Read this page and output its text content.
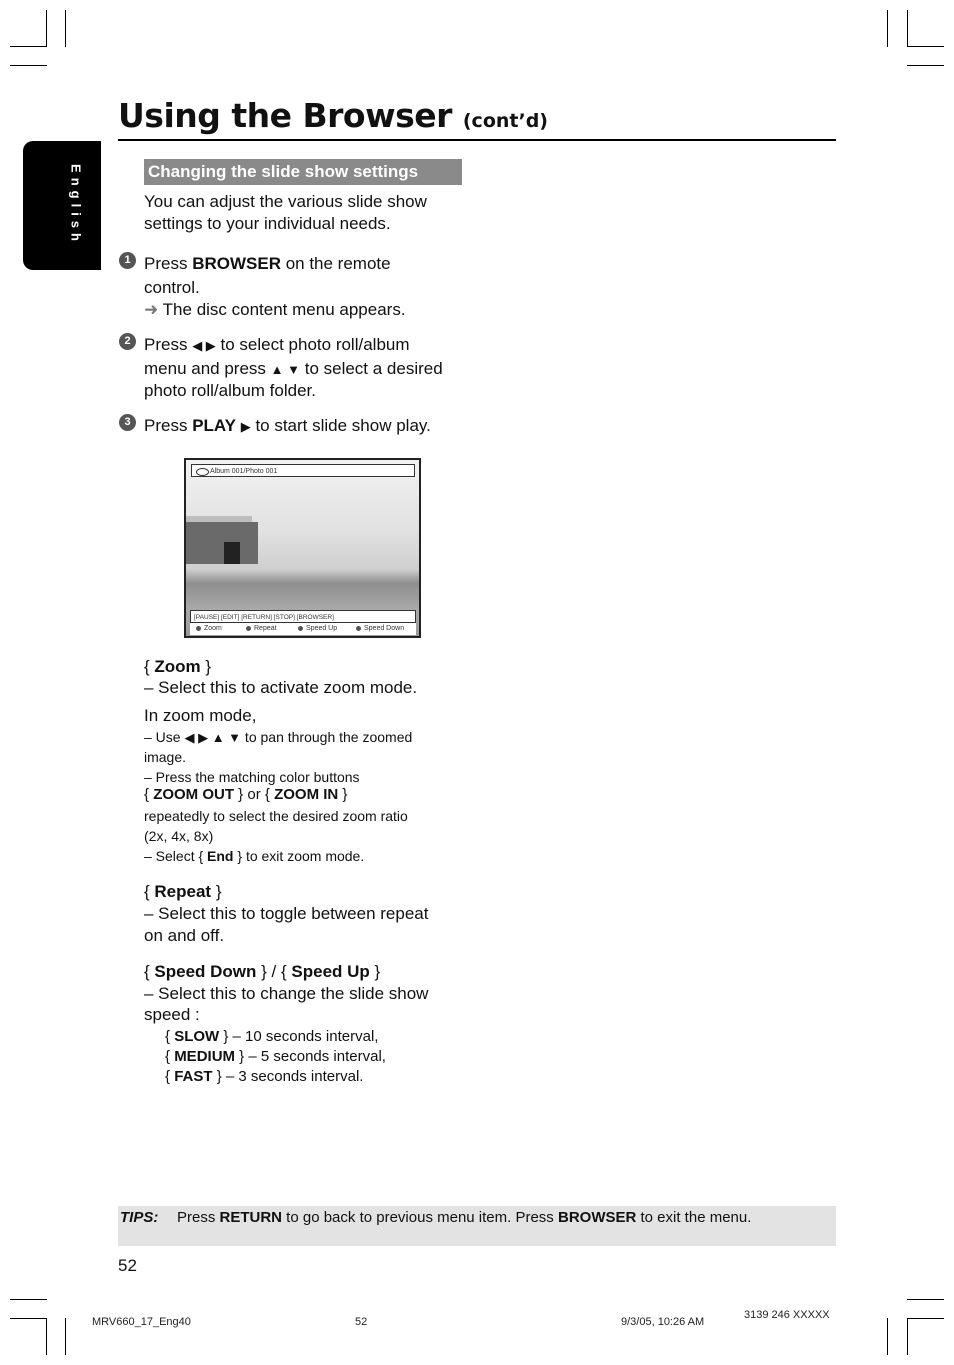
Using the Browser (cont’d)
English	Changing the slide show settings
You can adjust the various slide show
settings to your individual needs.
1 Press BROWSER on the remote
control.
➜ The disc content menu appears.
2 Press ◀ ▶ to select photo roll/album
menu and press ▲ ▼ to select a desired
photo roll/album folder.
3 Press PLAY ▶ to start slide show play.
Album 001/Photo 001
[PAUSE] [EDIT] [RETURN] [STOP] [BROWSER]
Zoom	Repeat	Speed Up	Speed Down
{ Zoom }
– Select this to activate zoom mode.
In zoom mode,
– Use ◀ ▶ ▲ ▼ to pan through the zoomed
image.
– Press the matching color buttons
{ ZOOM OUT } or { ZOOM IN }
repeatedly to select the desired zoom ratio
(2x, 4x, 8x)
– Select { End } to exit zoom mode.
{ Repeat }
– Select this to toggle between repeat
on and off.
{ Speed Down } / { Speed Up }
– Select this to change the slide show
speed :
{ SLOW } – 10 seconds interval,
{ MEDIUM } – 5 seconds interval,
{ FAST } – 3 seconds interval.
TIPS: Press RETURN to go back to previous menu item. Press BROWSER to exit the menu.
52
MRV660_17_Eng40	52	9/3/05, 10:26 AM
3139 246 XXXXX
